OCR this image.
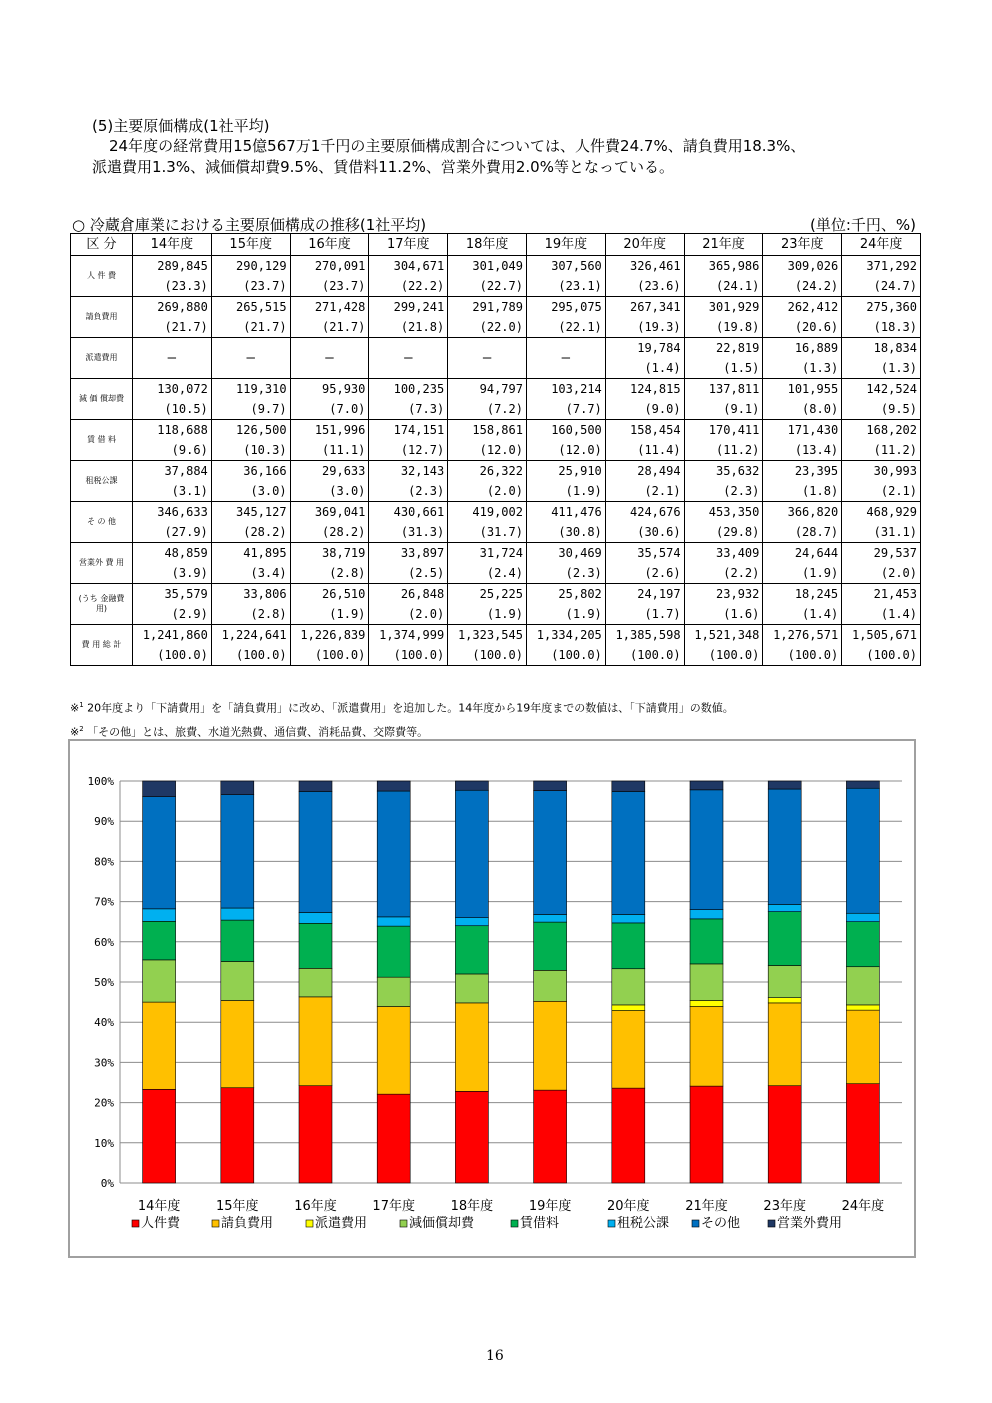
(5)主要原価構成(1社平均)

24年度の経常費用15億567万1千円の主要原価構成割合については、人件費24.7%、請負費用18.3%、

派遣費用1.3%、減価償却費9.5%、賃借料11.2%、営業外費用2.0%等となっている。

○ 冷蔵倉庫業における主要原価構成の推移(1社平均)	(単位:千円、%)
区 分	14年度	15年度	16年度	17年度	18年度	19年度	20年度	21年度	23年度	24年度
人 件 費	289,845	290,129	270,091	304,671	301,049	307,560	326,461	365,986	309,026	371,292
	(23.3)	(23.7)	(23.7)	(22.2)	(22.7)	(23.1)	(23.6)	(24.1)	(24.2)	(24.7)
請負費用	269,880	265,515	271,428	299,241	291,789	295,075	267,341	301,929	262,412	275,360
	(21.7)	(21.7)	(21.7)	(21.8)	(22.0)	(22.1)	(19.3)	(19.8)	(20.6)	(18.3)
派遣費用	—	—	—	—	—	—	19,784	22,819	16,889	18,834
							(1.4)	(1.5)	(1.3)	(1.3)
減 価 償却費	130,072	119,310	95,930	100,235	94,797	103,214	124,815	137,811	101,955	142,524
	(10.5)	(9.7)	(7.0)	(7.3)	(7.2)	(7.7)	(9.0)	(9.1)	(8.0)	(9.5)
賃 借 料	118,688	126,500	151,996	174,151	158,861	160,500	158,454	170,411	171,430	168,202
	(9.6)	(10.3)	(11.1)	(12.7)	(12.0)	(12.0)	(11.4)	(11.2)	(13.4)	(11.2)
租税公課	37,884	36,166	29,633	32,143	26,322	25,910	28,494	35,632	23,395	30,993
	(3.1)	(3.0)	(3.0)	(2.3)	(2.0)	(1.9)	(2.1)	(2.3)	(1.8)	(2.1)
そ の 他	346,633	345,127	369,041	430,661	419,002	411,476	424,676	453,350	366,820	468,929
	(27.9)	(28.2)	(28.2)	(31.3)	(31.7)	(30.8)	(30.6)	(29.8)	(28.7)	(31.1)
営業外 費 用	48,859	41,895	38,719	33,897	31,724	30,469	35,574	33,409	24,644	29,537
	(3.9)	(3.4)	(2.8)	(2.5)	(2.4)	(2.3)	(2.6)	(2.2)	(1.9)	(2.0)
(うち 金融費用)	35,579	33,806	26,510	26,848	25,225	25,802	24,197	23,932	18,245	21,453
	(2.9)	(2.8)	(1.9)	(2.0)	(1.9)	(1.9)	(1.7)	(1.6)	(1.4)	(1.4)
費 用 総 計	1,241,860	1,224,641	1,226,839	1,374,999	1,323,545	1,334,205	1,385,598	1,521,348	1,276,571	1,505,671
	(100.0)	(100.0)	(100.0)	(100.0)	(100.0)	(100.0)	(100.0)	(100.0)	(100.0)	(100.0)
※$^1$ 20年度より「下請費用」を「請負費用」に改め、「派遣費用」を追加した。14年度から19年度までの数値は、「下請費用」の数値。
※$^2$ 「その他」とは、旅費、水道光熱費、通信費、消耗品費、交際費等。
0%
10%
20%
30%
40%
50%
60%
70%
80%
90%
100%
14年度	15年度	16年度	17年度	18年度	19年度	20年度	21年度	23年度	24年度
人件費	請負費用	派遣費用	減価償却費	賃借料	租税公課 その他	営業外費用
16
